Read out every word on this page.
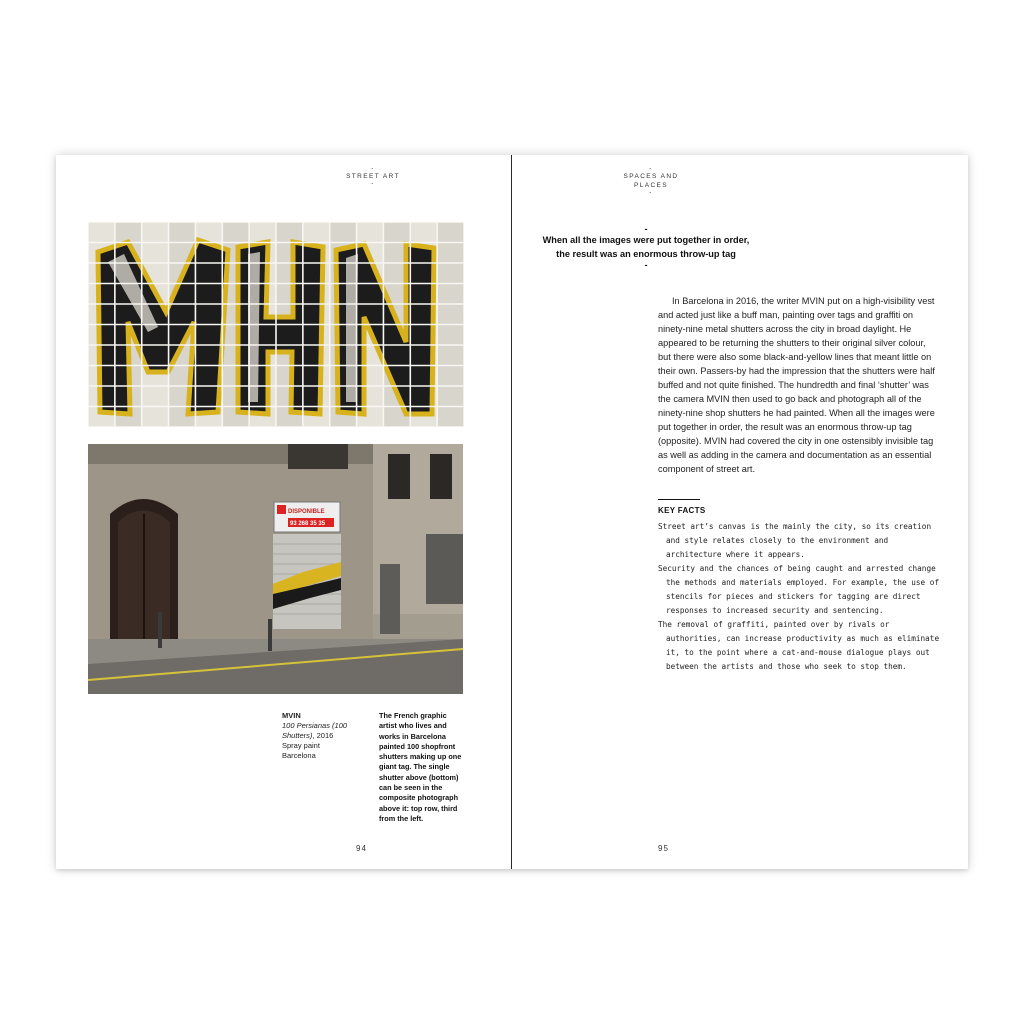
-
STREET ART
-
DISPONIBLE
93 268 35 35
MVIN
100 Persianas (100 Shutters), 2016
Spray paint
Barcelona
The French graphic artist who lives and works in Barcelona painted 100 shopfront shutters making up one giant tag. The single shutter above (bottom) can be seen in the composite photograph above it: top row, third from the left.
94
-
SPACES AND PLACES
-
-
When all the images were put together in order,
the result was an enormous throw-up tag
-
In Barcelona in 2016, the writer MVIN put on a high-visibility vest and acted just like a buff man, painting over tags and graffiti on ninety-nine metal shutters across the city in broad daylight. He appeared to be returning the shutters to their original silver colour, but there were also some black-and-yellow lines that meant little on their own. Passers-by had the impression that the shutters were half buffed and not quite finished. The hundredth and final ‘shutter’ was the camera MVIN then used to go back and photograph all of the ninety-nine shop shutters he had painted. When all the images were put together in order, the result was an enormous throw-up tag (opposite). MVIN had covered the city in one ostensibly invisible tag as well as adding in the camera and documentation as an essential component of street art.
KEY FACTS

Street art’s canvas is the mainly the city, so its creation and style relates closely to the environment and architecture where it appears.

Security and the chances of being caught and arrested change the methods and materials employed. For example, the use of stencils for pieces and stickers for tagging are direct responses to increased security and sentencing.

The removal of graffiti, painted over by rivals or authorities, can increase productivity as much as eliminate it, to the point where a cat-and-mouse dialogue plays out between the artists and those who seek to stop them.

95
